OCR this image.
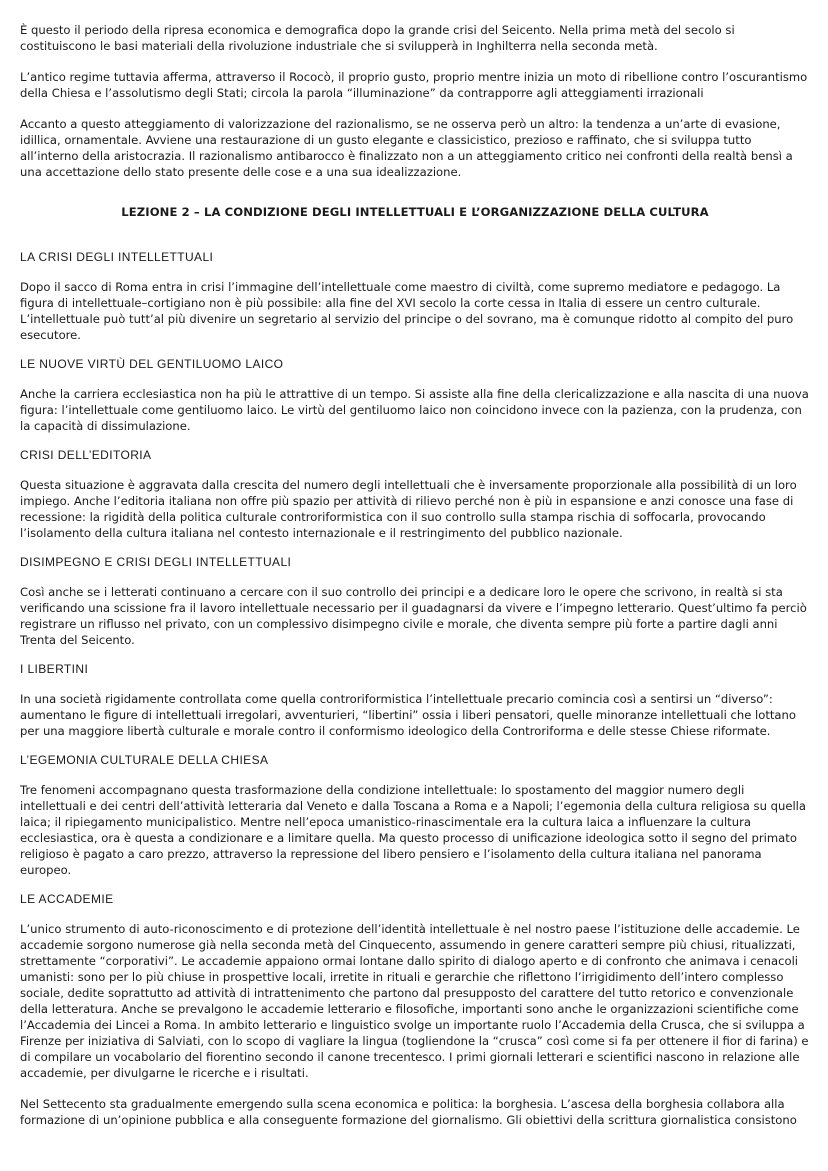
È questo il periodo della ripresa economica e demografica dopo la grande crisi del Seicento. Nella prima metà del secolo si costituiscono le basi materiali della rivoluzione industriale che si svilupperà in Inghilterra nella seconda metà.

L’antico regime tuttavia afferma, attraverso il Rococò, il proprio gusto, proprio mentre inizia un moto di ribellione contro l’oscurantismo della Chiesa e l’assolutismo degli Stati; circola la parola “illuminazione” da contrapporre agli atteggiamenti irrazionali

Accanto a questo atteggiamento di valorizzazione del razionalismo, se ne osserva però un altro: la tendenza a un’arte di evasione, idillica, ornamentale. Avviene una restaurazione di un gusto elegante e classicistico, prezioso e raffinato, che si sviluppa tutto all’interno della aristocrazia. Il razionalismo antibarocco è finalizzato non a un atteggiamento critico nei confronti della realtà bensì a una accettazione dello stato presente delle cose e a una sua idealizzazione.

LEZIONE 2 – LA CONDIZIONE DEGLI INTELLETTUALI E L’ORGANIZZAZIONE DELLA CULTURA
LA CRISI DEGLI INTELLETTUALI

Dopo il sacco di Roma entra in crisi l’immagine dell’intellettuale come maestro di civiltà, come supremo mediatore e pedagogo. La figura di intellettuale–cortigiano non è più possibile: alla fine del XVI secolo la corte cessa in Italia di essere un centro culturale. L’intellettuale può tutt’al più divenire un segretario al servizio del principe o del sovrano, ma è comunque ridotto al compito del puro esecutore.

LE NUOVE VIRTÙ DEL GENTILUOMO LAICO

Anche la carriera ecclesiastica non ha più le attrattive di un tempo. Si assiste alla fine della clericalizzazione e alla nascita di una nuova figura: l’intellettuale come gentiluomo laico. Le virtù del gentiluomo laico non coincidono invece con la pazienza, con la prudenza, con la capacità di dissimulazione.

CRISI DELL’EDITORIA

Questa situazione è aggravata dalla crescita del numero degli intellettuali che è inversamente proporzionale alla possibilità di un loro impiego. Anche l’editoria italiana non offre più spazio per attività di rilievo perché non è più in espansione e anzi conosce una fase di recessione: la rigidità della politica culturale controriformistica con il suo controllo sulla stampa rischia di soffocarla, provocando l’isolamento della cultura italiana nel contesto internazionale e il restringimento del pubblico nazionale.

DISIMPEGNO E CRISI DEGLI INTELLETTUALI

Così anche se i letterati continuano a cercare con il suo controllo dei principi e a dedicare loro le opere che scrivono, in realtà si sta verificando una scissione fra il lavoro intellettuale necessario per il guadagnarsi da vivere e l’impegno letterario. Quest’ultimo fa perciò registrare un riflusso nel privato, con un complessivo disimpegno civile e morale, che diventa sempre più forte a partire dagli anni Trenta del Seicento.

I LIBERTINI

In una società rigidamente controllata come quella controriformistica l’intellettuale precario comincia così a sentirsi un “diverso”: aumentano le figure di intellettuali irregolari, avventurieri, “libertini” ossia i liberi pensatori, quelle minoranze intellettuali che lottano per una maggiore libertà culturale e morale contro il conformismo ideologico della Controriforma e delle stesse Chiese riformate.

L’EGEMONIA CULTURALE DELLA CHIESA

Tre fenomeni accompagnano questa trasformazione della condizione intellettuale: lo spostamento del maggior numero degli intellettuali e dei centri dell’attività letteraria dal Veneto e dalla Toscana a Roma e a Napoli; l’egemonia della cultura religiosa su quella laica; il ripiegamento municipalistico. Mentre nell’epoca umanistico-rinascimentale era la cultura laica a influenzare la cultura ecclesiastica, ora è questa a condizionare e a limitare quella. Ma questo processo di unificazione ideologica sotto il segno del primato religioso è pagato a caro prezzo, attraverso la repressione del libero pensiero e l’isolamento della cultura italiana nel panorama europeo.

LE ACCADEMIE

L’unico strumento di auto-riconoscimento e di protezione dell’identità intellettuale è nel nostro paese l’istituzione delle accademie. Le accademie sorgono numerose già nella seconda metà del Cinquecento, assumendo in genere caratteri sempre più chiusi, ritualizzati, strettamente “corporativi”. Le accademie appaiono ormai lontane dallo spirito di dialogo aperto e di confronto che animava i cenacoli umanisti: sono per lo più chiuse in prospettive locali, irretite in rituali e gerarchie che riflettono l’irrigidimento dell’intero complesso sociale, dedite soprattutto ad attività di intrattenimento che partono dal presupposto del carattere del tutto retorico e convenzionale della letteratura. Anche se prevalgono le accademie letterario e filosofiche, importanti sono anche le organizzazioni scientifiche come l’Accademia dei Lincei a Roma. In ambito letterario e linguistico svolge un importante ruolo l’Accademia della Crusca, che si sviluppa a Firenze per iniziativa di Salviati, con lo scopo di vagliare la lingua (togliendone la “crusca” così come si fa per ottenere il fior di farina) e di compilare un vocabolario del fiorentino secondo il canone trecentesco. I primi giornali letterari e scientifici nascono in relazione alle accademie, per divulgarne le ricerche e i risultati.

Nel Settecento sta gradualmente emergendo sulla scena economica e politica: la borghesia. L’ascesa della borghesia collabora alla formazione di un’opinione pubblica e alla conseguente formazione del giornalismo. Gli obiettivi della scrittura giornalistica consistono
